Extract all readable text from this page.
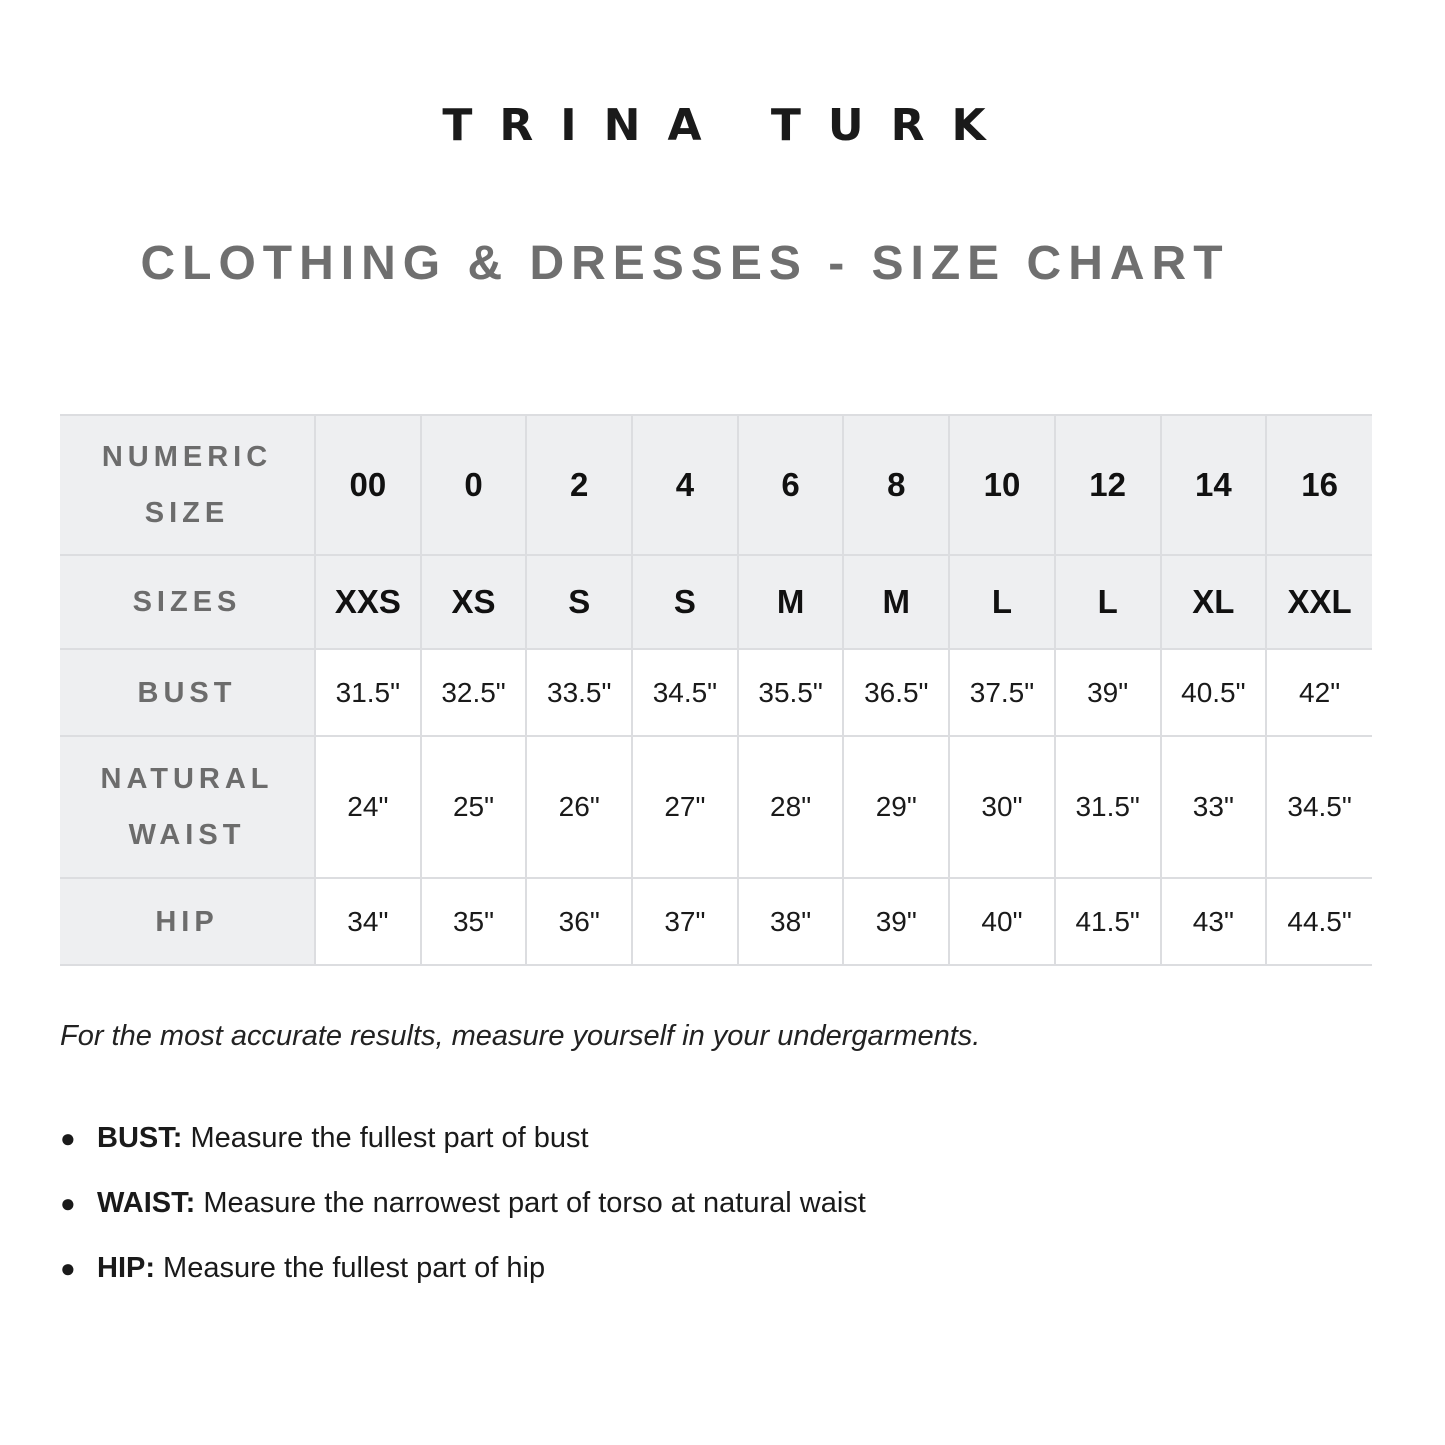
TRINA TURK
CLOTHING & DRESSES - SIZE CHART
NUMERIC SIZE	00	0	2	4	6	8	10	12	14	16
SIZES	XXS	XS	S	S	M	M	L	L	XL	XXL
BUST	31.5"	32.5"	33.5"	34.5"	35.5"	36.5"	37.5"	39"	40.5"	42"
NATURAL WAIST	24"	25"	26"	27"	28"	29"	30"	31.5"	33"	34.5"
HIP	34"	35"	36"	37"	38"	39"	40"	41.5"	43"	44.5"
For the most accurate results, measure yourself in your undergarments.
● BUST: Measure the fullest part of bust
● WAIST: Measure the narrowest part of torso at natural waist
● HIP: Measure the fullest part of hip
